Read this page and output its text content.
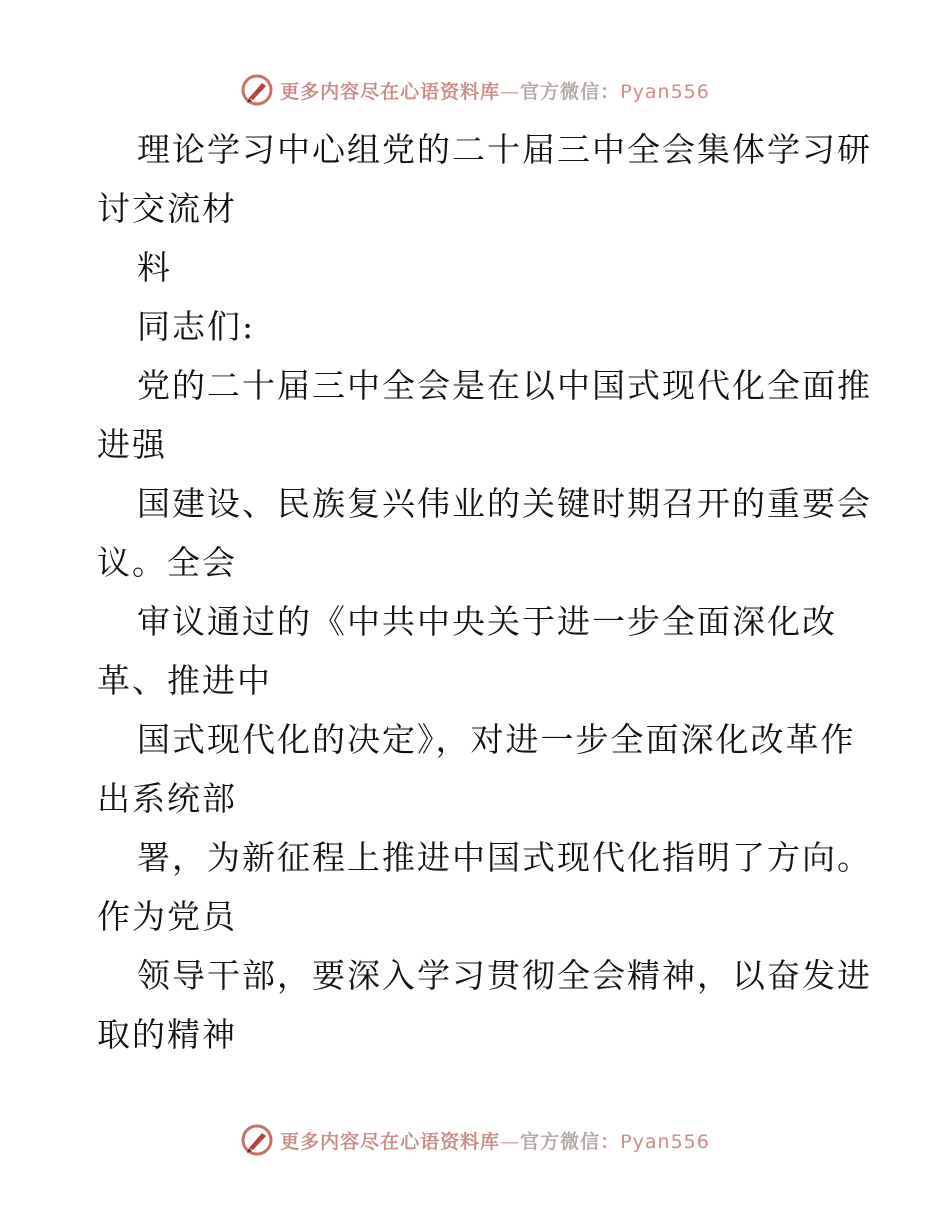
更多内容尽在心语资料库—官方微信：Pyan556
理论学习中心组党的二十届三中全会集体学习研
讨交流材
料
同志们:
党的二十届三中全会是在以中国式现代化全面推
进强
国建设、民族复兴伟业的关键时期召开的重要会
议。全会
审议通过的《中共中央关于进一步全面深化改
革、推进中
国式现代化的决定》，对进一步全面深化改革作
出系统部
署，为新征程上推进中国式现代化指明了方向。
作为党员
领导干部，要深入学习贯彻全会精神，以奋发进
取的精神
更多内容尽在心语资料库—官方微信：Pyan556
